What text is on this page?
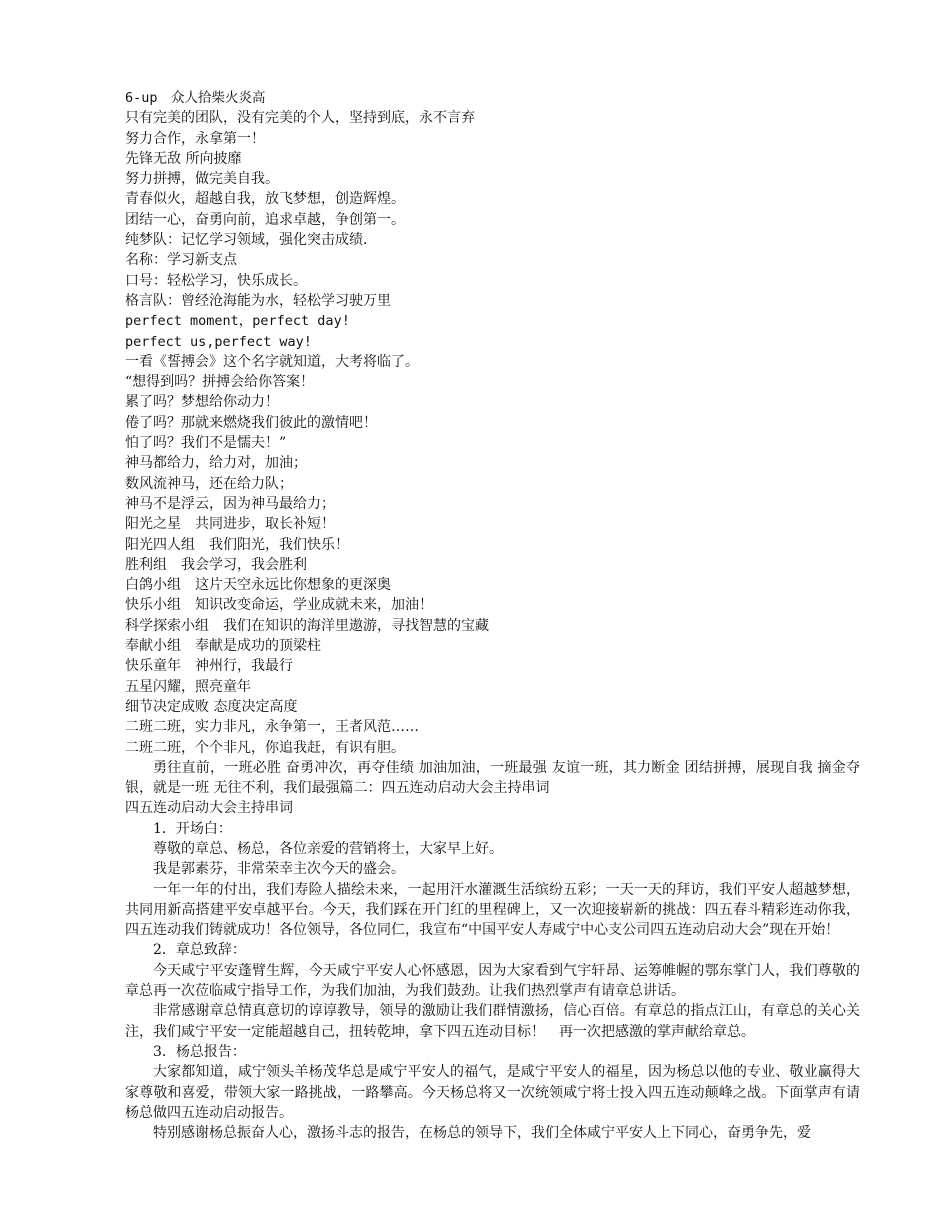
6-up　众人拾柴火炎高
只有完美的团队，没有完美的个人，坚持到底，永不言弃
努力合作，永拿第一！
先锋无敌 所向披靡
努力拼搏，做完美自我。
青春似火，超越自我，放飞梦想，创造辉煌。
团结一心，奋勇向前，追求卓越，争创第一。
纯梦队：记忆学习领域，强化突击成绩．
名称：学习新支点
口号：轻松学习，快乐成长。
格言队：曾经沧海能为水，轻松学习驶万里
perfect moment，perfect day!
perfect us,perfect way!
一看《誓搏会》这个名字就知道，大考将临了。
“想得到吗？拼搏会给你答案！
累了吗？梦想给你动力！
倦了吗？那就来燃烧我们彼此的激情吧！
怕了吗？我们不是懦夫！”
神马都给力，给力对，加油；
数风流神马，还在给力队；
神马不是浮云，因为神马最给力；
阳光之星　共同进步，取长补短！
阳光四人组　我们阳光，我们快乐！
胜利组　我会学习，我会胜利
白鸽小组　这片天空永远比你想象的更深奥
快乐小组　知识改变命运，学业成就未来，加油！
科学探索小组　我们在知识的海洋里遨游，寻找智慧的宝藏
奉献小组　奉献是成功的顶梁柱
快乐童年　神州行，我最行
五星闪耀，照亮童年
细节决定成败 态度决定高度
二班二班，实力非凡，永争第一，王者风范……
二班二班，个个非凡，你追我赶，有识有胆。

勇往直前，一班必胜 奋勇冲次，再夺佳绩 加油加油，一班最强 友谊一班，其力断金 团结拼搏，展现自我 摘金夺银，就是一班 无往不利，我们最强篇二：四五连动启动大会主持串词

四五连动启动大会主持串词
1．开场白：

尊敬的章总、杨总，各位亲爱的营销将士，大家早上好。

我是郭素芬，非常荣幸主次今天的盛会。

一年一年的付出，我们寿险人描绘未来，一起用汗水灌溉生活缤纷五彩；一天一天的拜访，我们平安人超越梦想，共同用新高搭建平安卓越平台。今天，我们踩在开门红的里程碑上，又一次迎接崭新的挑战：四五春斗精彩连动你我，四五连动我们铸就成功！各位领导，各位同仁，我宣布“中国平安人寿咸宁中心支公司四五连动启动大会”现在开始！

2．章总致辞：

今天咸宁平安蓬臂生辉，今天咸宁平安人心怀感恩，因为大家看到气宇轩昂、运筹帷幄的鄂东掌门人，我们尊敬的章总再一次莅临咸宁指导工作，为我们加油，为我们鼓劲。让我们热烈掌声有请章总讲话。

非常感谢章总情真意切的谆谆教导，领导的激励让我们群情激扬，信心百倍。有章总的指点江山，有章总的关心关注，我们咸宁平安一定能超越自己，扭转乾坤，拿下四五连动目标！　再一次把感激的掌声献给章总。

3．杨总报告：

大家都知道，咸宁领头羊杨茂华总是咸宁平安人的福气，是咸宁平安人的福星，因为杨总以他的专业、敬业赢得大家尊敬和喜爱，带领大家一路挑战，一路攀高。今天杨总将又一次统领咸宁将士投入四五连动颠峰之战。下面掌声有请杨总做四五连动启动报告。

特别感谢杨总振奋人心，激扬斗志的报告，在杨总的领导下，我们全体咸宁平安人上下同心，奋勇争先，爱
